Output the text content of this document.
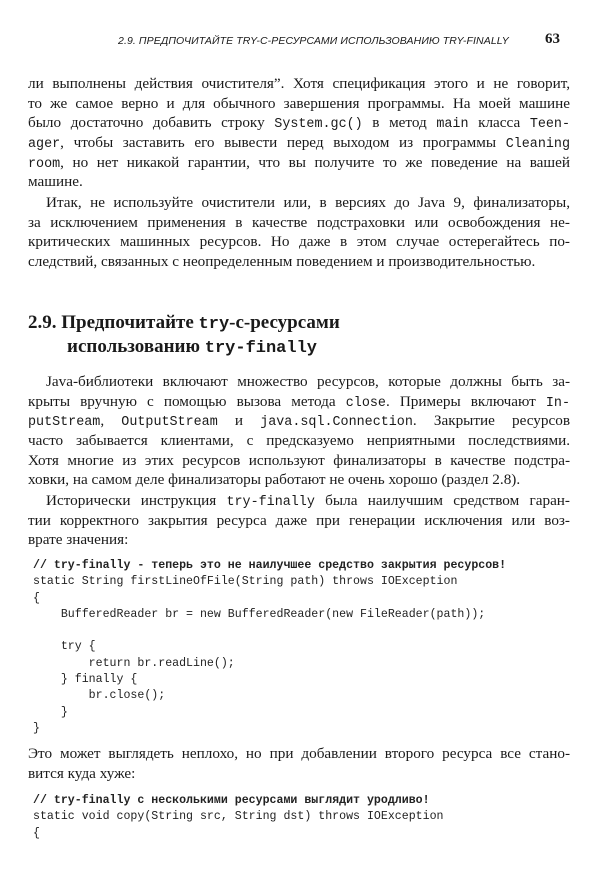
2.9. ПРЕДПОЧИТАЙТЕ TRY-С-РЕСУРСАМИ ИСПОЛЬЗОВАНИЮ TRY-FINALLY 63
ли выполнены действия очистителя”. Хотя спецификация этого и не говорит,
то же самое верно и для обычного завершения программы. На моей машине
было достаточно добавить строку System.gc() в метод main класса Teen-
ager, чтобы заставить его вывести перед выходом из программы Cleaning
room, но нет никакой гарантии, что вы получите то же поведение на вашей
машине.
Итак, не используйте очистители или, в версиях до Java 9, финализаторы,
за исключением применения в качестве подстраховки или освобождения не-
критических машинных ресурсов. Но даже в этом случае остерегайтесь по-
следствий, связанных с неопределенным поведением и производительностью.
2.9. Предпочитайте try-с-ресурсами
использованию try-finally
Java-библиотеки включают множество ресурсов, которые должны быть за-
крыты вручную с помощью вызова метода close. Примеры включают In-
putStream, OutputStream и java.sql.Connection. Закрытие ресурсов
часто забывается клиентами, с предсказуемо неприятными последствиями.
Хотя многие из этих ресурсов используют финализаторы в качестве подстра-
ховки, на самом деле финализаторы работают не очень хорошо (раздел 2.8).
Исторически инструкция try-finally была наилучшим средством гаран-
тии корректного закрытия ресурса даже при генерации исключения или воз-
врате значения:
// try-finally - теперь это не наилучшее средство закрытия ресурсов!
static String firstLineOfFile(String path) throws IOException
{
BufferedReader br = new BufferedReader(new FileReader(path));

try {
return br.readLine();
} finally {
br.close();
}
}
Это может выглядеть неплохо, но при добавлении второго ресурса все стано-
вится куда хуже:
// try-finally с несколькими ресурсами выглядит уродливо!
static void copy(String src, String dst) throws IOException
{
